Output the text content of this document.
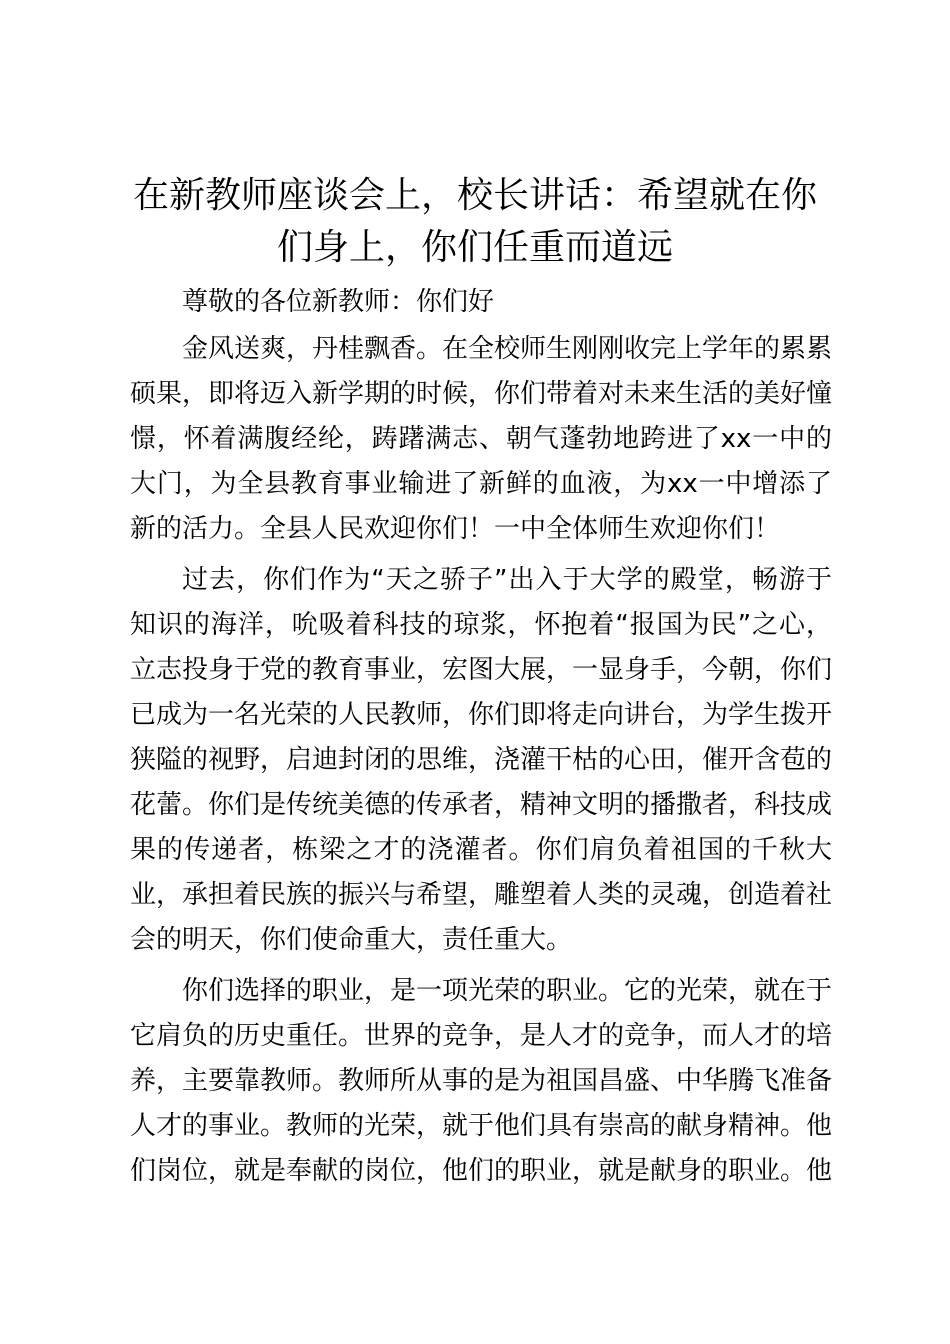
在新教师座谈会上，校长讲话：希望就在你们身上，你们任重而道远

尊敬的各位新教师：你们好

金风送爽，丹桂飘香。在全校师生刚刚收完上学年的累累硕果，即将迈入新学期的时候，你们带着对未来生活的美好憧憬，怀着满腹经纶，踌躇满志、朝气蓬勃地跨进了xx一中的大门，为全县教育事业输进了新鲜的血液，为xx一中增添了新的活力。全县人民欢迎你们！一中全体师生欢迎你们！

过去，你们作为“天之骄子”出入于大学的殿堂，畅游于知识的海洋，吮吸着科技的琼浆，怀抱着“报国为民”之心，立志投身于党的教育事业，宏图大展，一显身手，今朝，你们已成为一名光荣的人民教师，你们即将走向讲台，为学生拨开狭隘的视野，启迪封闭的思维，浇灌干枯的心田，催开含苞的花蕾。你们是传统美德的传承者，精神文明的播撒者，科技成果的传递者，栋梁之才的浇灌者。你们肩负着祖国的千秋大业，承担着民族的振兴与希望，雕塑着人类的灵魂，创造着社会的明天，你们使命重大，责任重大。

你们选择的职业，是一项光荣的职业。它的光荣，就在于它肩负的历史重任。世界的竞争，是人才的竞争，而人才的培养，主要靠教师。教师所从事的是为祖国昌盛、中华腾飞准备人才的事业。教师的光荣，就于他们具有崇高的献身精神。他们岗位，就是奉献的岗位，他们的职业，就是献身的职业。他
